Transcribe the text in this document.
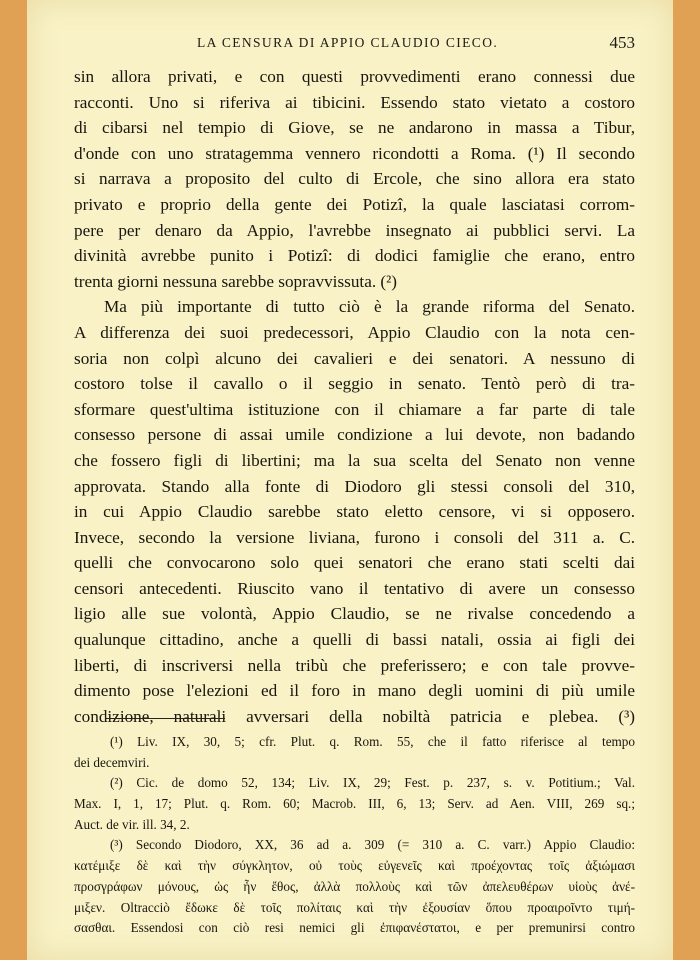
LA CENSURA DI APPIO CLAUDIO CIECO.	453
sin allora privati, e con questi provvedimenti erano connessi due
racconti. Uno si riferiva ai tibicini. Essendo stato vietato a costoro
di cibarsi nel tempio di Giove, se ne andarono in massa a Tibur,
d'onde con uno stratagemma vennero ricondotti a Roma. (¹) Il secondo
si narrava a proposito del culto di Ercole, che sino allora era stato
privato e proprio della gente dei Potizî, la quale lasciatasi corrom-
pere per denaro da Appio, l'avrebbe insegnato ai pubblici servi. La
divinità avrebbe punito i Potizî: di dodici famiglie che erano, entro
trenta giorni nessuna sarebbe sopravvissuta. (²)
Ma più importante di tutto ciò è la grande riforma del Senato.
A differenza dei suoi predecessori, Appio Claudio con la nota cen-
soria non colpì alcuno dei cavalieri e dei senatori. A nessuno di
costoro tolse il cavallo o il seggio in senato. Tentò però di tra-
sformare quest'ultima istituzione con il chiamare a far parte di tale
consesso persone di assai umile condizione a lui devote, non badando
che fossero figli di libertini; ma la sua scelta del Senato non venne
approvata. Stando alla fonte di Diodoro gli stessi consoli del 310,
in cui Appio Claudio sarebbe stato eletto censore, vi si opposero.
Invece, secondo la versione liviana, furono i consoli del 311 a. C.
quelli che convocarono solo quei senatori che erano stati scelti dai
censori antecedenti. Riuscito vano il tentativo di avere un consesso
ligio alle sue volontà, Appio Claudio, se ne rivalse concedendo a
qualunque cittadino, anche a quelli di bassi natali, ossia ai figli dei
liberti, di inscriversi nella tribù che preferissero; e con tale provve-
dimento pose l'elezioni ed il foro in mano degli uomini di più umile
condizione, naturali avversari della nobiltà patricia e plebea. (³)
(¹) Liv. IX, 30, 5; cfr. Plut. q. Rom. 55, che il fatto riferisce al tempo
dei decemviri.
(²) Cic. de domo 52, 134; Liv. IX, 29; Fest. p. 237, s. v. Potitium.; Val.
Max. I, 1, 17; Plut. q. Rom. 60; Macrob. III, 6, 13; Serv. ad Aen. VIII, 269 sq.;
Auct. de vir. ill. 34, 2.
(³) Secondo Diodoro, XX, 36 ad a. 309 (= 310 a. C. varr.) Appio Claudio:
κατέμιξε δὲ καὶ τὴν σύγκλητον, οὐ τοὺς εὐγενεῖς καὶ προέχοντας τοῖς ἀξιώμασι
προσγράφων μόνους, ὡς ἦν ἔθος, ἀλλὰ πολλοὺς καὶ τῶν ἀπελευθέρων υἱοὺς ἀνέ-
μιξεν. Oltracciò ἔδωκε δὲ τοῖς πολίταις καὶ τὴν ἐξουσίαν ὅπου προαιροῖντο τιμή-
σασθαι. Essendosi con ciò resi nemici gli ἐπιφανέστατοι, e per premunirsi contro
